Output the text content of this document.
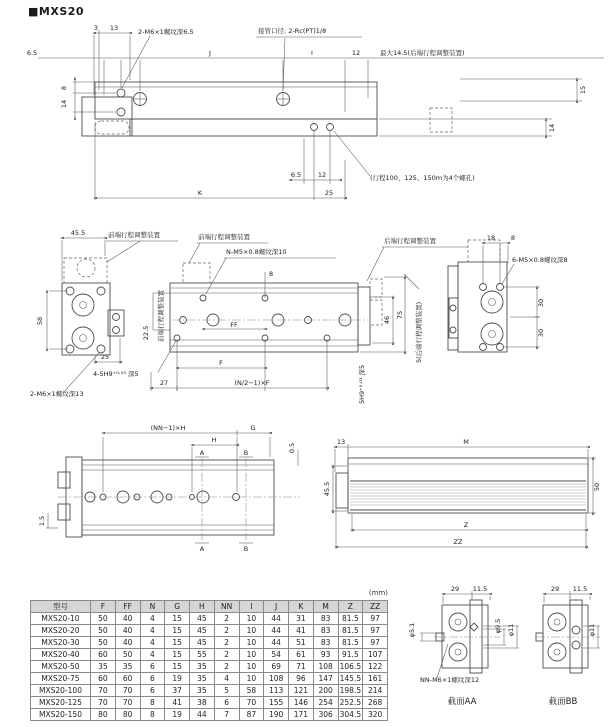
■MXS20
3 13	2-M6×1螺纹深6.5	接管口径: 2-Rc(PT)1/8
6.5	J	I	12	最大14.5(后端行程调整装置)
8
14
15
14
6.5	12
K	25
(行程100、125、150m为4个螺孔)
45.5	前端行程调整装置
58
25
2-M6×1螺纹深13
8
前端行程调整装置
N-M5×0.8螺纹深10
后端行程调整装置
前端行程调整装置
22.5
FF
F
27	(N/2−1)×F
4-5H9⁺⁰·⁰³ 深5	5H9⁺⁰·⁰³ 深5
46
75 5(后端行程调整装置)
18 8
6-M5×0.8螺纹深8
30
30
(NN−1)×H	G
H
A	B
A	B
1.5
0.5
45.5
13	M
50
Z
ZZ
29 11.5
φ5.1	φ9.5 φ11
NN-M6×1螺纹深12
截面AA
29 11.5
φ11
截面BB
(mm)
型号	F	FF	N	G	H	NN	I	J	K	M	Z	ZZ
MXS20-10	50	40	4	15	45	2	10	44	31	83	81.5	97
MXS20-20	50	40	4	15	45	2	10	44	41	83	81.5	97
MXS20-30	50	40	4	15	45	2	10	44	51	83	81.5	97
MXS20-40	60	50	4	15	55	2	10	54	61	93	91.5	107
MXS20-50	35	35	6	15	35	2	10	69	71	108	106.5	122
MXS20-75	60	60	6	19	35	4	10	108	96	147	145.5	161
MXS20-100	70	70	6	37	35	5	58	113	121	200	198.5	214
MXS20-125	70	70	8	41	38	6	70	155	146	254	252.5	268
MXS20-150	80	80	8	19	44	7	87	190	171	306	304.5	320
